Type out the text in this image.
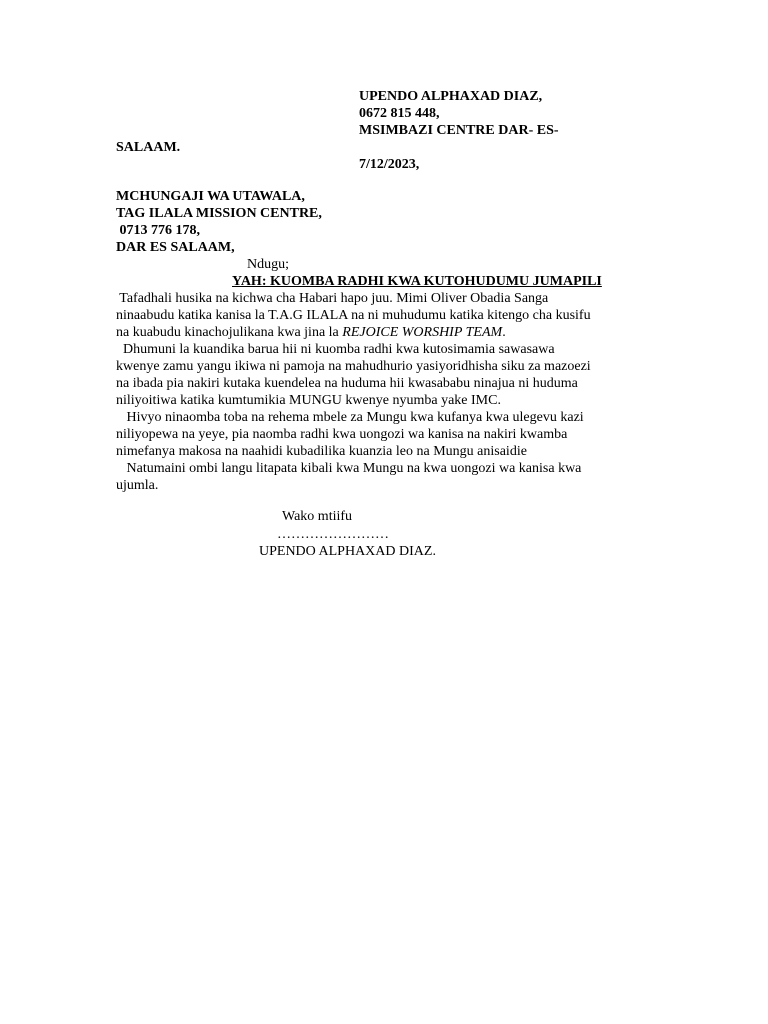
UPENDO ALPHAXAD DIAZ,
0672 815 448,
MSIMBAZI CENTRE DAR- ES-
SALAAM.
7/12/2023,
MCHUNGAJI WA UTAWALA,
TAG ILALA MISSION CENTRE,
0713 776 178,
DAR ES SALAAM,
Ndugu;
YAH: KUOMBA RADHI KWA KUTOHUDUMU JUMAPILI
Tafadhali husika na kichwa cha Habari hapo juu. Mimi Oliver Obadia Sanga
ninaabudu katika kanisa la T.A.G ILALA na ni muhudumu katika kitengo cha kusifu
na kuabudu kinachojulikana kwa jina la REJOICE WORSHIP TEAM.
Dhumuni la kuandika barua hii ni kuomba radhi kwa kutosimamia sawasawa
kwenye zamu yangu ikiwa ni pamoja na mahudhurio yasiyoridhisha siku za mazoezi
na ibada pia nakiri kutaka kuendelea na huduma hii kwasababu ninajua ni huduma
niliyoitiwa katika kumtumikia MUNGU kwenye nyumba yake IMC.
Hivyo ninaomba toba na rehema mbele za Mungu kwa kufanya kwa ulegevu kazi
niliyopewa na yeye, pia naomba radhi kwa uongozi wa kanisa na nakiri kwamba
nimefanya makosa na naahidi kubadilika kuanzia leo na Mungu anisaidie
Natumaini ombi langu litapata kibali kwa Mungu na kwa uongozi wa kanisa kwa
ujumla.
Wako mtiifu
……………………
UPENDO ALPHAXAD DIAZ.
